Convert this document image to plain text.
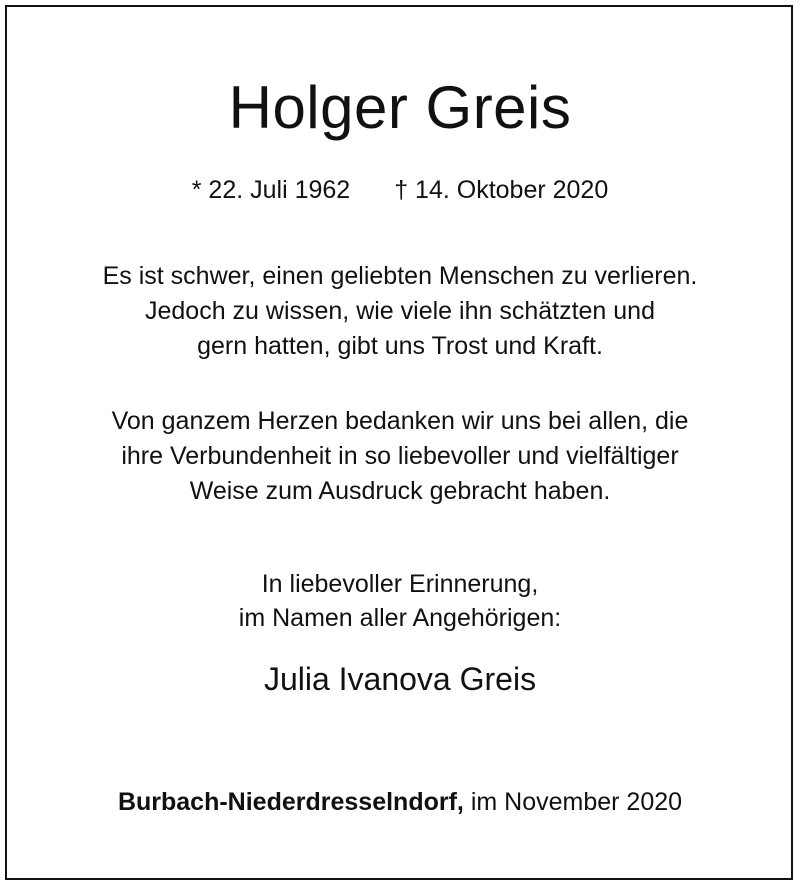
Holger Greis
* 22. Juli 1962 † 14. Oktober 2020
Es ist schwer, einen geliebten Menschen zu verlieren.
Jedoch zu wissen, wie viele ihn schätzten und
gern hatten, gibt uns Trost und Kraft.
Von ganzem Herzen bedanken wir uns bei allen, die
ihre Verbundenheit in so liebevoller und vielfältiger
Weise zum Ausdruck gebracht haben.
In liebevoller Erinnerung,
im Namen aller Angehörigen:
Julia Ivanova Greis
Burbach-Niederdresselndorf, im November 2020
